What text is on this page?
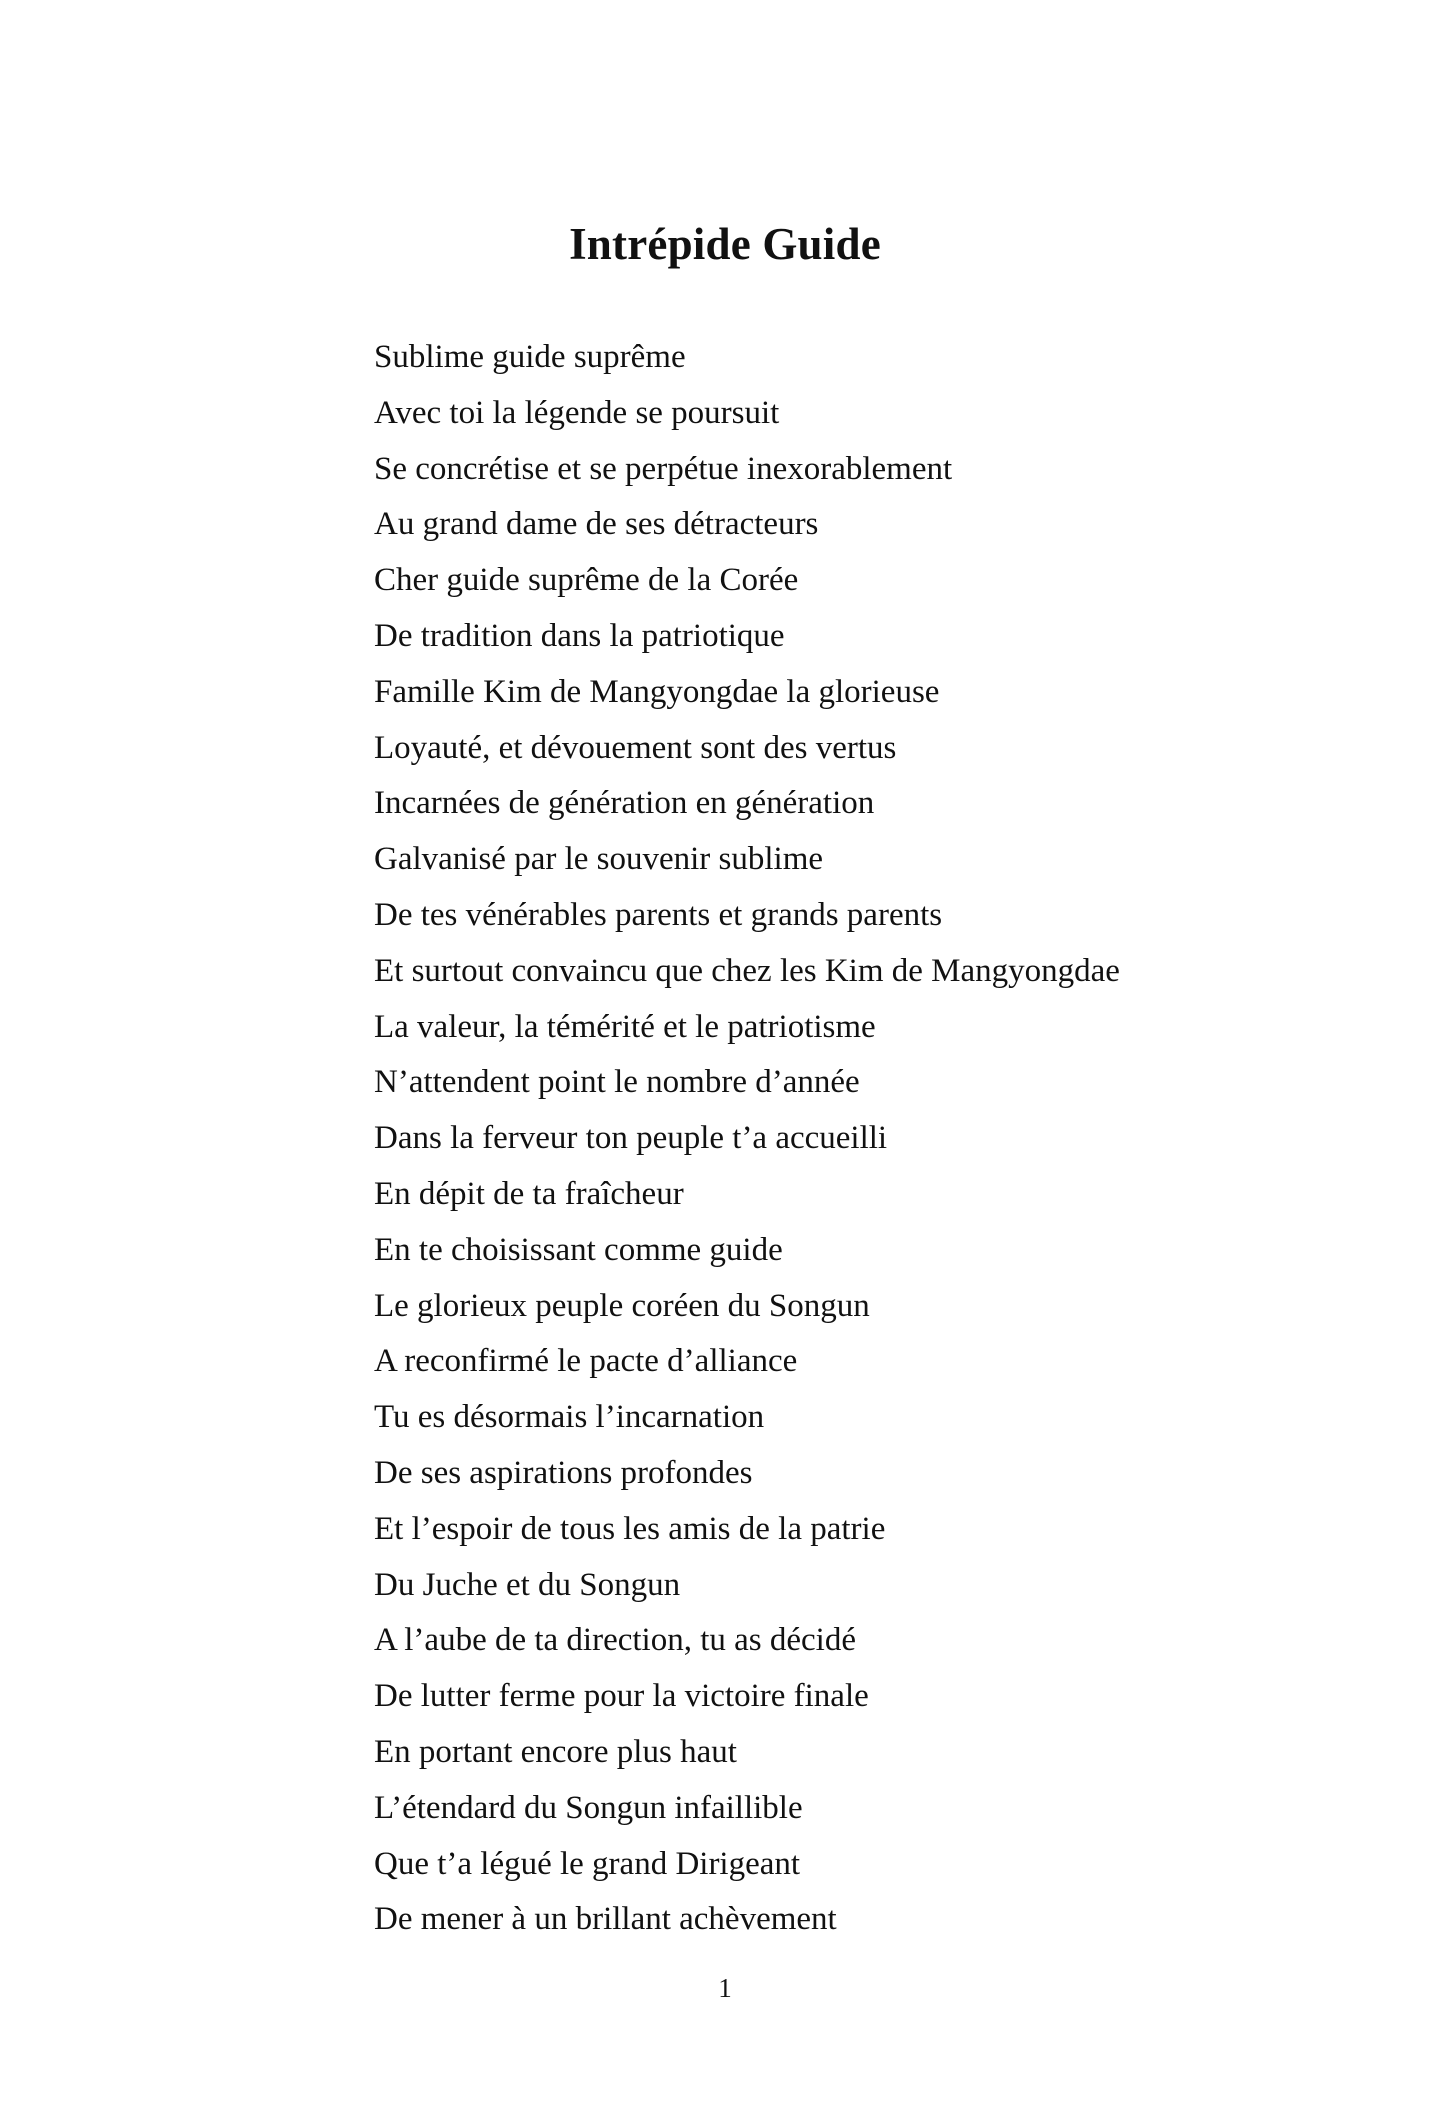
Intrépide Guide
Sublime guide suprême
Avec toi la légende se poursuit
Se concrétise et se perpétue inexorablement
Au grand dame de ses détracteurs
Cher guide suprême de la Corée
De tradition dans la patriotique
Famille Kim de Mangyongdae la glorieuse
Loyauté, et dévouement sont des vertus
Incarnées de génération en génération
Galvanisé par le souvenir sublime
De tes vénérables parents et grands parents
Et surtout convaincu que chez les Kim de Mangyongdae
La valeur, la témérité et le patriotisme
N’attendent point le nombre d’année
Dans la ferveur ton peuple t’a accueilli
En dépit de ta fraîcheur
En te choisissant comme guide
Le glorieux peuple coréen du Songun
A reconfirmé le pacte d’alliance
Tu es désormais l’incarnation
De ses aspirations profondes
Et l’espoir de tous les amis de la patrie
Du Juche et du Songun
A l’aube de ta direction, tu as décidé
De lutter ferme pour la victoire finale
En portant encore plus haut
L’étendard du Songun infaillible
Que t’a légué le grand Dirigeant
De mener à un brillant achèvement
1
